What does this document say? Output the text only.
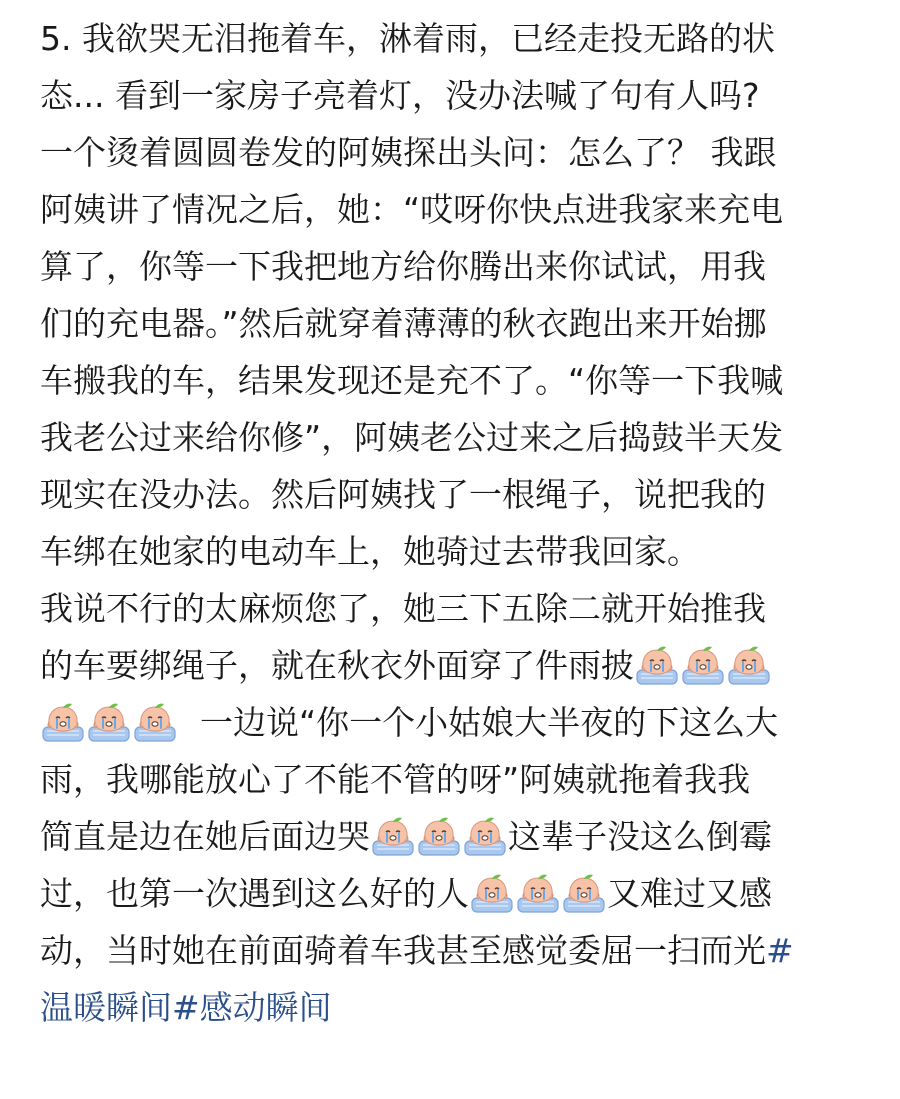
5. 我欲哭无泪拖着车，淋着雨，已经走投无路的状
态... 看到一家房子亮着灯，没办法喊了句有人吗?
一个烫着圆圆卷发的阿姨探出头问：怎么了？ 我跟
阿姨讲了情况之后，她：“哎呀你快点进我家来充电
算了，你等一下我把地方给你腾出来你试试，用我
们的充电器。”然后就穿着薄薄的秋衣跑出来开始挪
车搬我的车，结果发现还是充不了。“你等一下我喊
我老公过来给你修”，阿姨老公过来之后捣鼓半天发
现实在没办法。然后阿姨找了一根绳子，说把我的
车绑在她家的电动车上，她骑过去带我回家。
我说不行的太麻烦您了，她三下五除二就开始推我
的车要绑绳子，就在秋衣外面穿了件雨披
一边说“你一个小姑娘大半夜的下这么大
雨，我哪能放心了不能不管的呀”阿姨就拖着我我
简直是边在她后面边哭	这辈子没这么倒霉
过，也第一次遇到这么好的人	又难过又感
动，当时她在前面骑着车我甚至感觉委屈一扫而光#
温暖瞬间#感动瞬间
